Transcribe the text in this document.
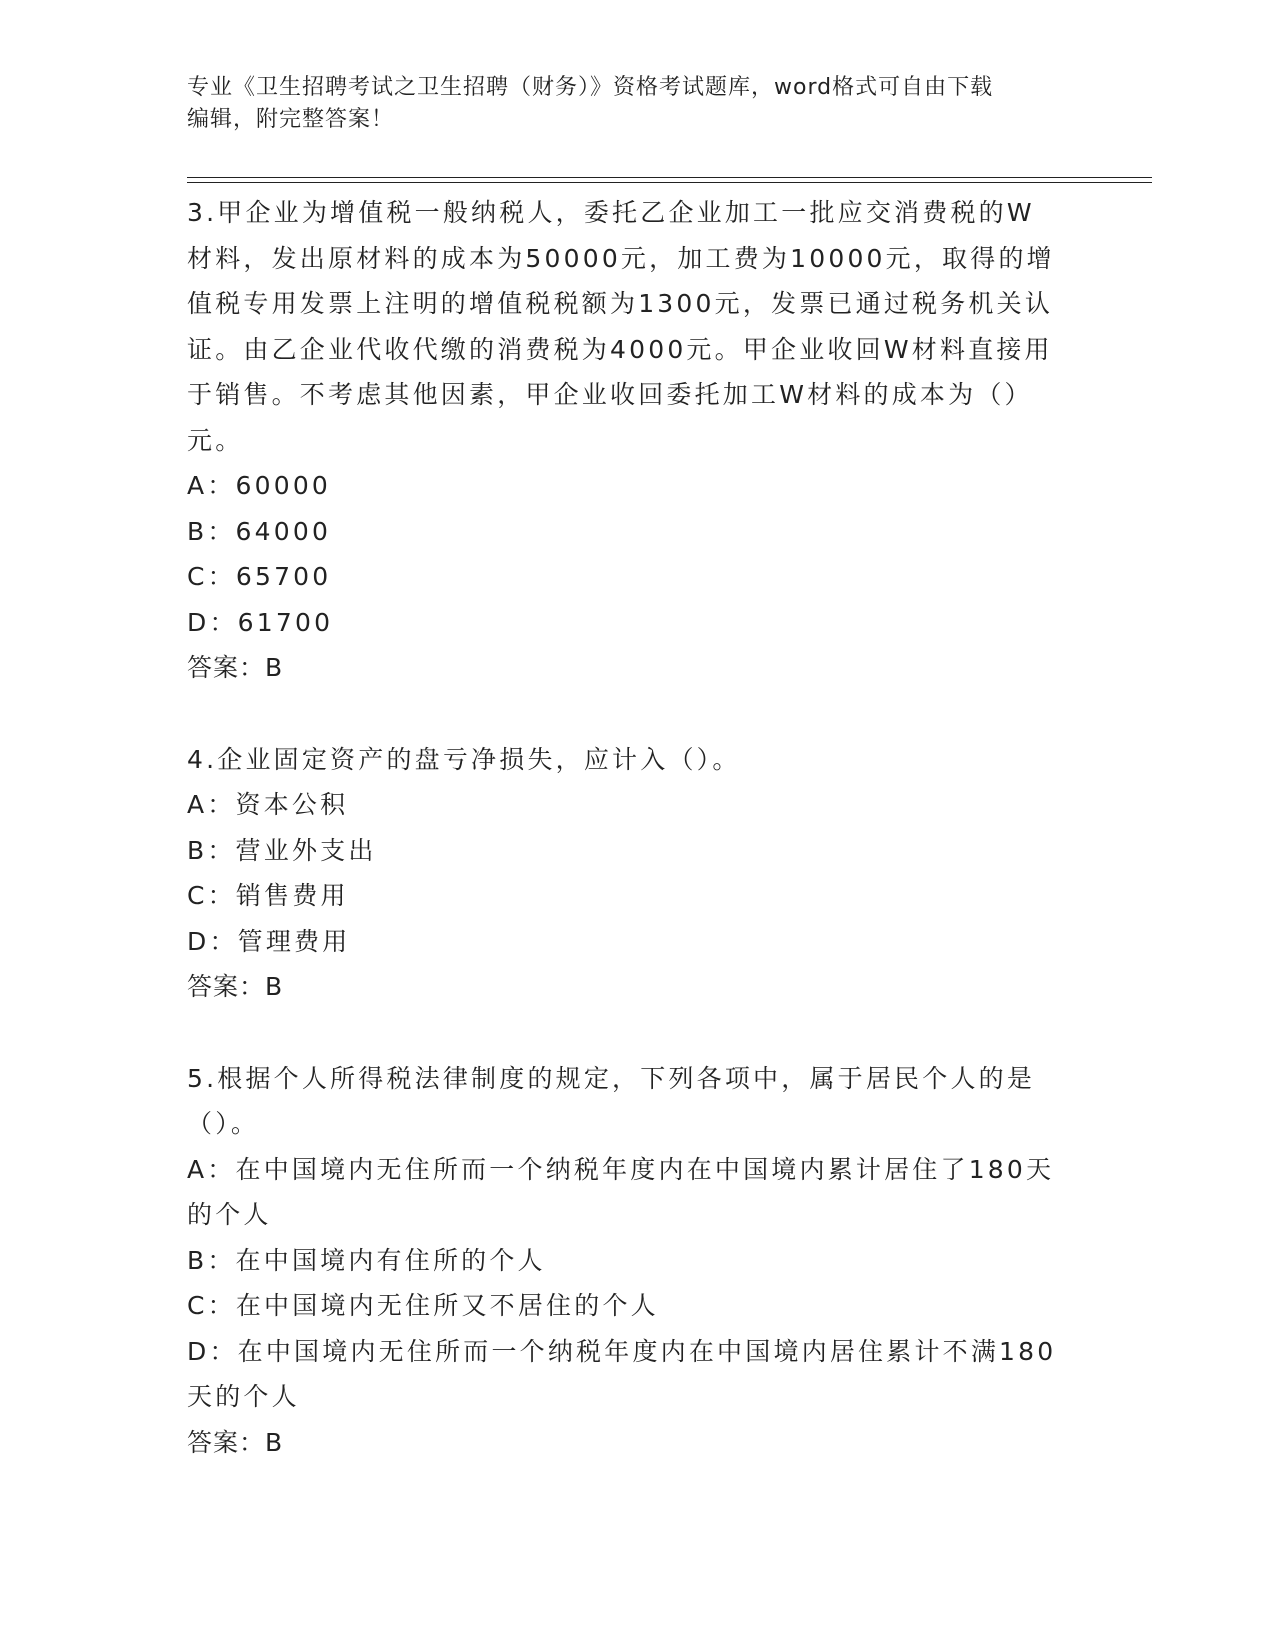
专业《卫生招聘考试之卫生招聘（财务）》资格考试题库，word格式可自由下载
编辑，附完整答案！
3.甲企业为增值税一般纳税人，委托乙企业加工一批应交消费税的W
材料，发出原材料的成本为50000元，加工费为10000元，取得的增
值税专用发票上注明的增值税税额为1300元，发票已通过税务机关认
证。由乙企业代收代缴的消费税为4000元。甲企业收回W材料直接用
于销售。不考虑其他因素，甲企业收回委托加工W材料的成本为（）
元。
A：60000
B：64000
C：65700
D：61700
答案：B
4.企业固定资产的盘亏净损失，应计入（）。
A：资本公积
B：营业外支出
C：销售费用
D：管理费用
答案：B
5.根据个人所得税法律制度的规定，下列各项中，属于居民个人的是
（）。
A：在中国境内无住所而一个纳税年度内在中国境内累计居住了180天
的个人
B：在中国境内有住所的个人
C：在中国境内无住所又不居住的个人
D：在中国境内无住所而一个纳税年度内在中国境内居住累计不满180
天的个人
答案：B
